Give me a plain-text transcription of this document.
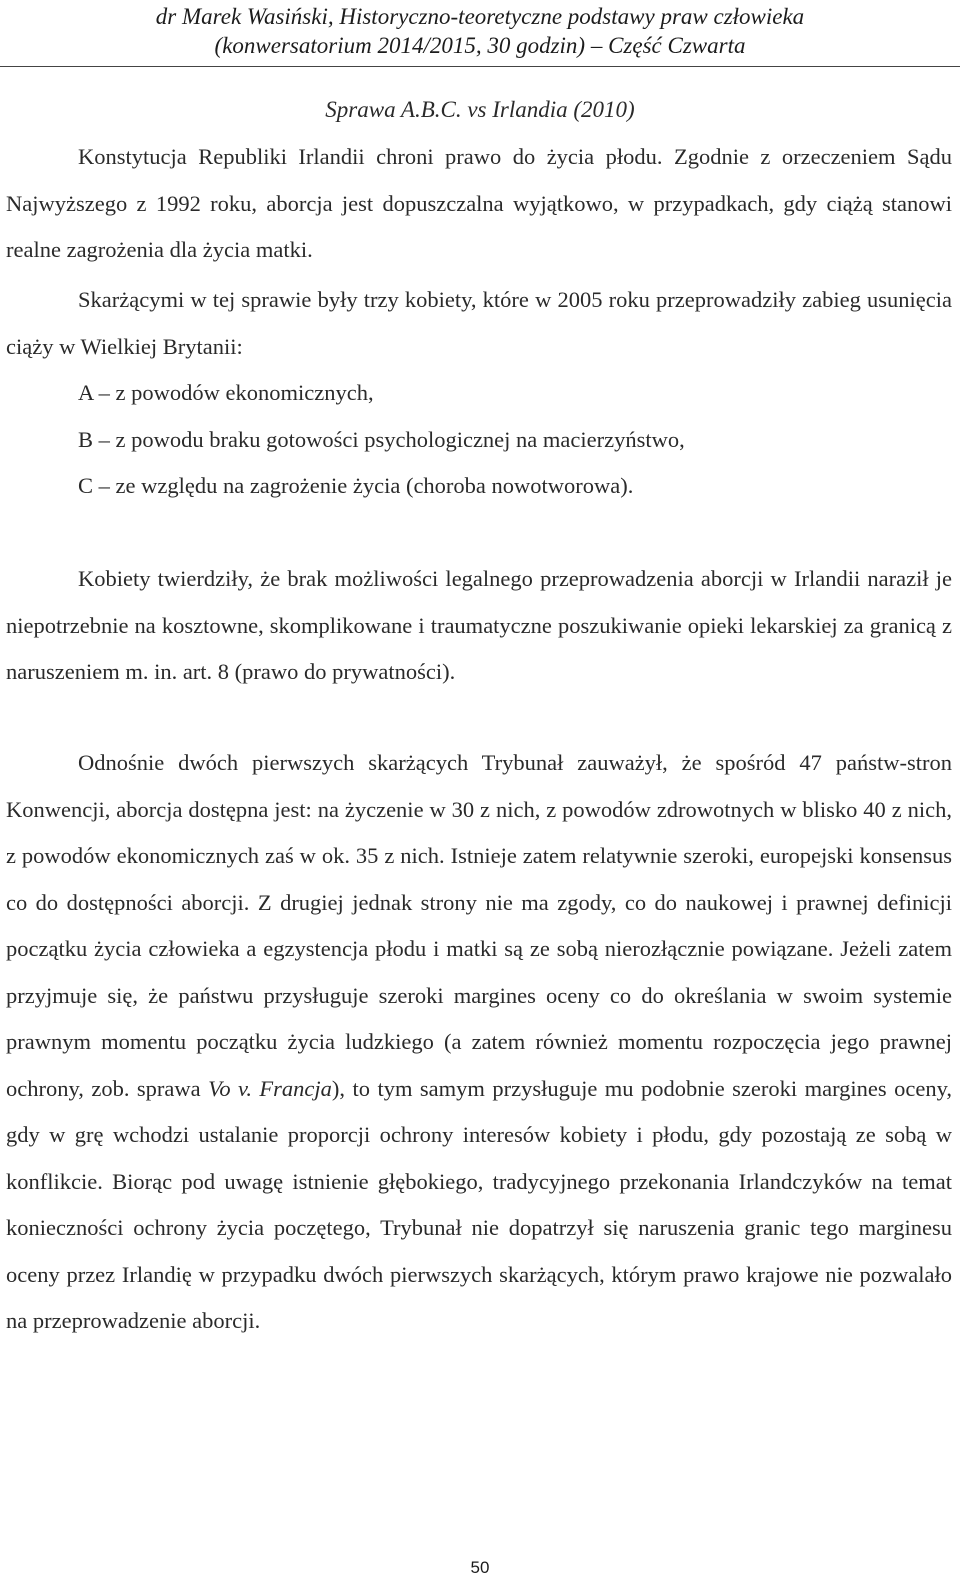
dr Marek Wasiński, Historyczno-teoretyczne podstawy praw człowieka
(konwersatorium 2014/2015, 30 godzin) – Część Czwarta
Sprawa A.B.C. vs Irlandia (2010)
Konstytucja Republiki Irlandii chroni prawo do życia płodu. Zgodnie z orzeczeniem Sądu Najwyższego z 1992 roku, aborcja jest dopuszczalna wyjątkowo, w przypadkach, gdy ciążą stanowi realne zagrożenia dla życia matki.
Skarżącymi w tej sprawie były trzy kobiety, które w 2005 roku przeprowadziły zabieg usunięcia ciąży w Wielkiej Brytanii:
A – z powodów ekonomicznych,
B – z powodu braku gotowości psychologicznej na macierzyństwo,
C – ze względu na zagrożenie życia (choroba nowotworowa).
Kobiety twierdziły, że brak możliwości legalnego przeprowadzenia aborcji w Irlandii naraził je niepotrzebnie na kosztowne, skomplikowane i traumatyczne poszukiwanie opieki lekarskiej za granicą z naruszeniem m. in. art. 8 (prawo do prywatności).
Odnośnie dwóch pierwszych skarżących Trybunał zauważył, że spośród 47 państw-stron Konwencji, aborcja dostępna jest: na życzenie w 30 z nich, z powodów zdrowotnych w blisko 40 z nich, z powodów ekonomicznych zaś w ok. 35 z nich. Istnieje zatem relatywnie szeroki, europejski konsensus co do dostępności aborcji. Z drugiej jednak strony nie ma zgody, co do naukowej i prawnej definicji początku życia człowieka a egzystencja płodu i matki są ze sobą nierozłącznie powiązane. Jeżeli zatem przyjmuje się, że państwu przysługuje szeroki margines oceny co do określania w swoim systemie prawnym momentu początku życia ludzkiego (a zatem również momentu rozpoczęcia jego prawnej ochrony, zob. sprawa Vo v. Francja), to tym samym przysługuje mu podobnie szeroki margines oceny, gdy w grę wchodzi ustalanie proporcji ochrony interesów kobiety i płodu, gdy pozostają ze sobą w konflikcie. Biorąc pod uwagę istnienie głębokiego, tradycyjnego przekonania Irlandczyków na temat konieczności ochrony życia poczętego, Trybunał nie dopatrzył się naruszenia granic tego marginesu oceny przez Irlandię w przypadku dwóch pierwszych skarżących, którym prawo krajowe nie pozwalało na przeprowadzenie aborcji.
50
